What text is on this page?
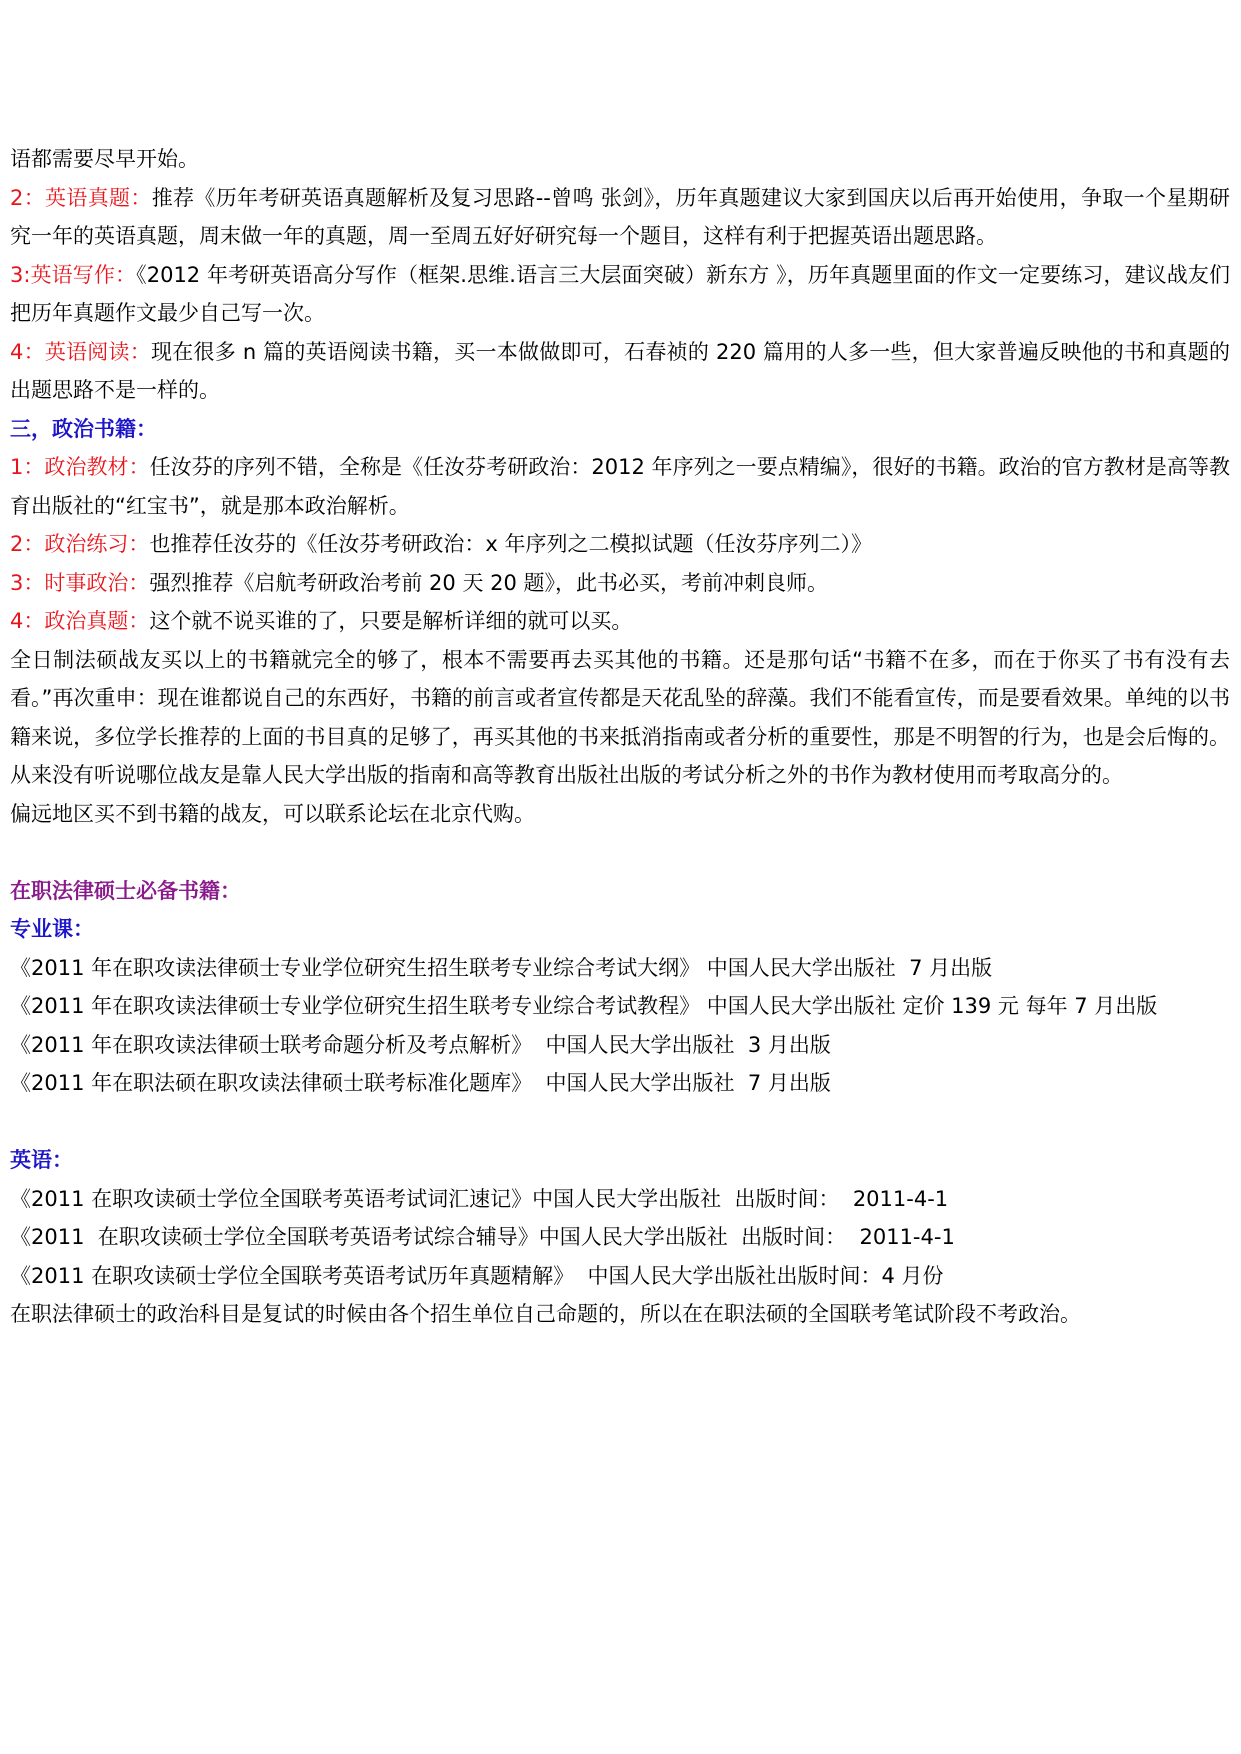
语都需要尽早开始。

2：英语真题：推荐《历年考研英语真题解析及复习思路--曾鸣 张剑》，历年真题建议大家到国庆以后再开始使用，争取一个星期研究一年的英语真题，周末做一年的真题，周一至周五好好研究每一个题目，这样有利于把握英语出题思路。

3:英语写作：《2012 年考研英语高分写作（框架.思维.语言三大层面突破）新东方 》，历年真题里面的作文一定要练习，建议战友们把历年真题作文最少自己写一次。

4：英语阅读：现在很多 n 篇的英语阅读书籍，买一本做做即可，石春祯的 220 篇用的人多一些，但大家普遍反映他的书和真题的出题思路不是一样的。

三，政治书籍：

1：政治教材：任汝芬的序列不错，全称是《任汝芬考研政治：2012 年序列之一要点精编》，很好的书籍。政治的官方教材是高等教育出版社的“红宝书”，就是那本政治解析。

2：政治练习：也推荐任汝芬的《任汝芬考研政治：x 年序列之二模拟试题（任汝芬序列二）》

3：时事政治：强烈推荐《启航考研政治考前 20 天 20 题》，此书必买，考前冲刺良师。

4：政治真题：这个就不说买谁的了，只要是解析详细的就可以买。

全日制法硕战友买以上的书籍就完全的够了，根本不需要再去买其他的书籍。还是那句话“书籍不在多，而在于你买了书有没有去看。”再次重申：现在谁都说自己的东西好，书籍的前言或者宣传都是天花乱坠的辞藻。我们不能看宣传，而是要看效果。单纯的以书籍来说，多位学长推荐的上面的书目真的足够了，再买其他的书来抵消指南或者分析的重要性，那是不明智的行为，也是会后悔的。从来没有听说哪位战友是靠人民大学出版的指南和高等教育出版社出版的考试分析之外的书作为教材使用而考取高分的。

偏远地区买不到书籍的战友，可以联系论坛在北京代购。

在职法律硕士必备书籍：

专业课：

《2011 年在职攻读法律硕士专业学位研究生招生联考专业综合考试大纲》 中国人民大学出版社  7 月出版

《2011 年在职攻读法律硕士专业学位研究生招生联考专业综合考试教程》 中国人民大学出版社 定价 139 元 每年 7 月出版

《2011 年在职攻读法律硕士联考命题分析及考点解析》  中国人民大学出版社  3 月出版

《2011 年在职法硕在职攻读法律硕士联考标准化题库》  中国人民大学出版社  7 月出版

英语：

《2011 在职攻读硕士学位全国联考英语考试词汇速记》中国人民大学出版社  出版时间：  2011-4-1

《2011  在职攻读硕士学位全国联考英语考试综合辅导》中国人民大学出版社  出版时间：  2011-4-1

《2011 在职攻读硕士学位全国联考英语考试历年真题精解》  中国人民大学出版社出版时间：4 月份

在职法律硕士的政治科目是复试的时候由各个招生单位自己命题的，所以在在职法硕的全国联考笔试阶段不考政治。
